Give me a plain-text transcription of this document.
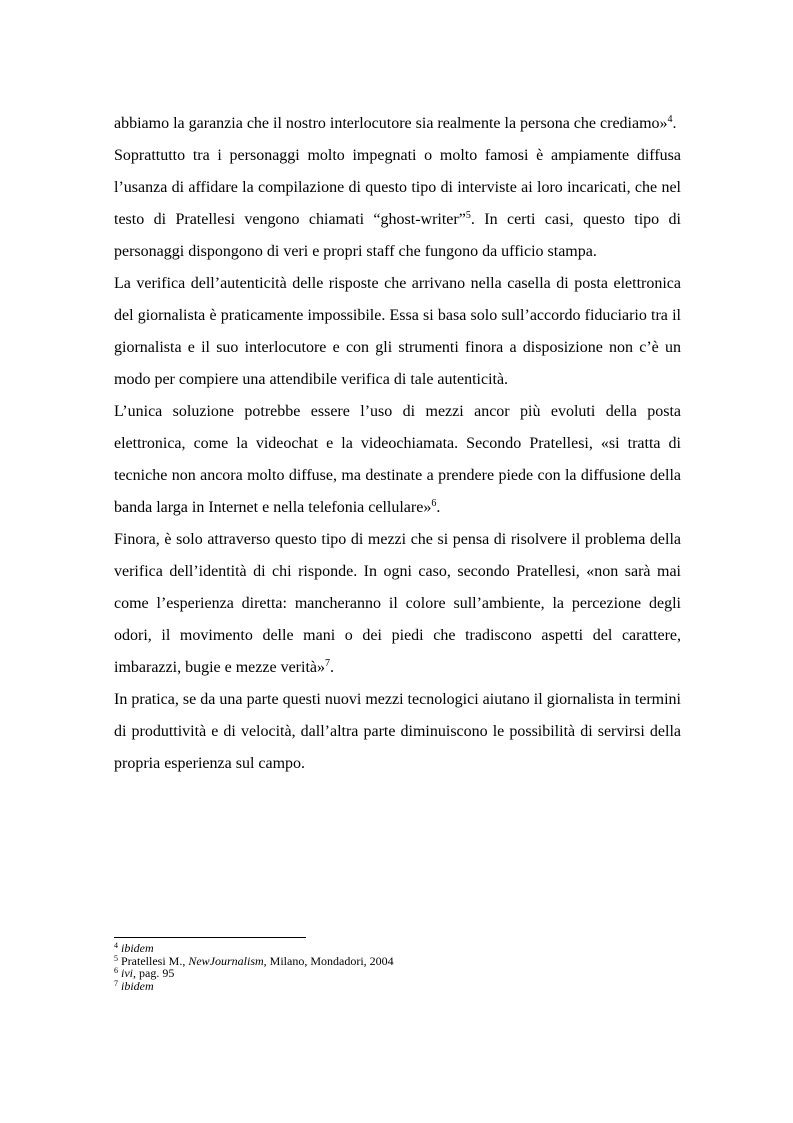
abbiamo la garanzia che il nostro interlocutore sia realmente la persona che crediamo»$^4$.

Soprattutto tra i personaggi molto impegnati o molto famosi è ampiamente diffusa l’usanza di affidare la compilazione di questo tipo di interviste ai loro incaricati, che nel testo di Pratellesi vengono chiamati “ghost-writer”$^5$. In certi casi, questo tipo di personaggi dispongono di veri e propri staff che fungono da ufficio stampa.

La verifica dell’autenticità delle risposte che arrivano nella casella di posta elettronica del giornalista è praticamente impossibile. Essa si basa solo sull’accordo fiduciario tra il giornalista e il suo interlocutore e con gli strumenti finora a disposizione non c’è un modo per compiere una attendibile verifica di tale autenticità.

L’unica soluzione potrebbe essere l’uso di mezzi ancor più evoluti della posta elettronica, come la videochat e la videochiamata. Secondo Pratellesi, «si tratta di tecniche non ancora molto diffuse, ma destinate a prendere piede con la diffusione della banda larga in Internet e nella telefonia cellulare»$^6$.

Finora, è solo attraverso questo tipo di mezzi che si pensa di risolvere il problema della verifica dell’identità di chi risponde. In ogni caso, secondo Pratellesi, «non sarà mai come l’esperienza diretta: mancheranno il colore sull’ambiente, la percezione degli odori, il movimento delle mani o dei piedi che tradiscono aspetti del carattere, imbarazzi, bugie e mezze verità»$^7$.

In pratica, se da una parte questi nuovi mezzi tecnologici aiutano il giornalista in termini di produttività e di velocità, dall’altra parte diminuiscono le possibilità di servirsi della propria esperienza sul campo.

$^4$ ibidem

$^5$ Pratellesi M., NewJournalism, Milano, Mondadori, 2004

$^6$ ivi, pag. 95

$^7$ ibidem
